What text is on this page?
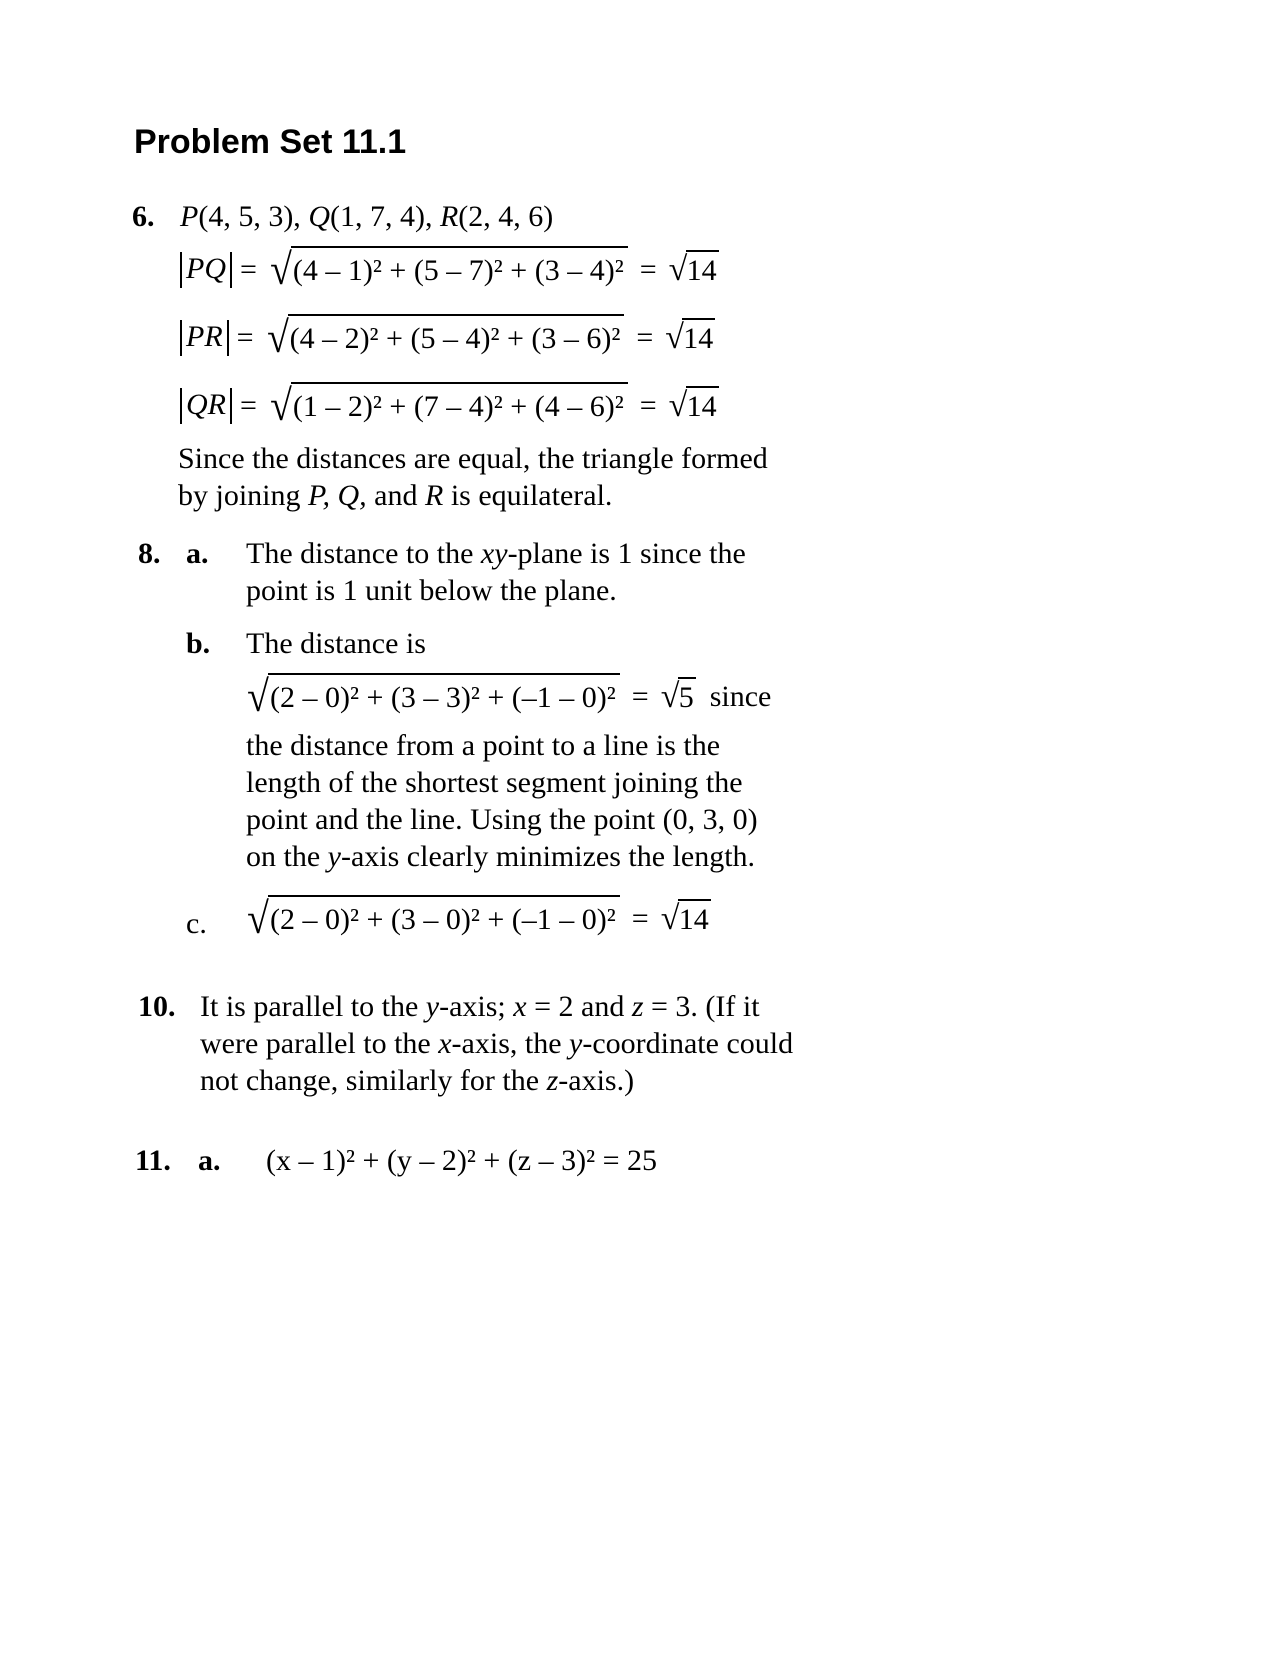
Problem Set 11.1
6. P(4, 5, 3), Q(1, 7, 4), R(2, 4, 6)
PQ = √ (4 – 1)² + (5 – 7)² + (3 – 4)² = √ 14
PR = √ (4 – 2)² + (5 – 4)² + (3 – 6)² = √ 14
QR = √ (1 – 2)² + (7 – 4)² + (4 – 6)² = √ 14
Since the distances are equal, the triangle formed
by joining P, Q, and R is equilateral.
8. a. The distance to the xy-plane is 1 since the
point is 1 unit below the plane.
b. The distance is
√ (2 – 0)² + (3 – 3)² + (–1 – 0)² = √ 5 since
the distance from a point to a line is the
length of the shortest segment joining the
point and the line. Using the point (0, 3, 0)
on the y-axis clearly minimizes the length.
c. √ (2 – 0)² + (3 – 0)² + (–1 – 0)² = √ 14
10. It is parallel to the y-axis; x = 2 and z = 3. (If it
were parallel to the x-axis, the y-coordinate could
not change, similarly for the z-axis.)
11. a. (x – 1)² + (y – 2)² + (z – 3)² = 25
